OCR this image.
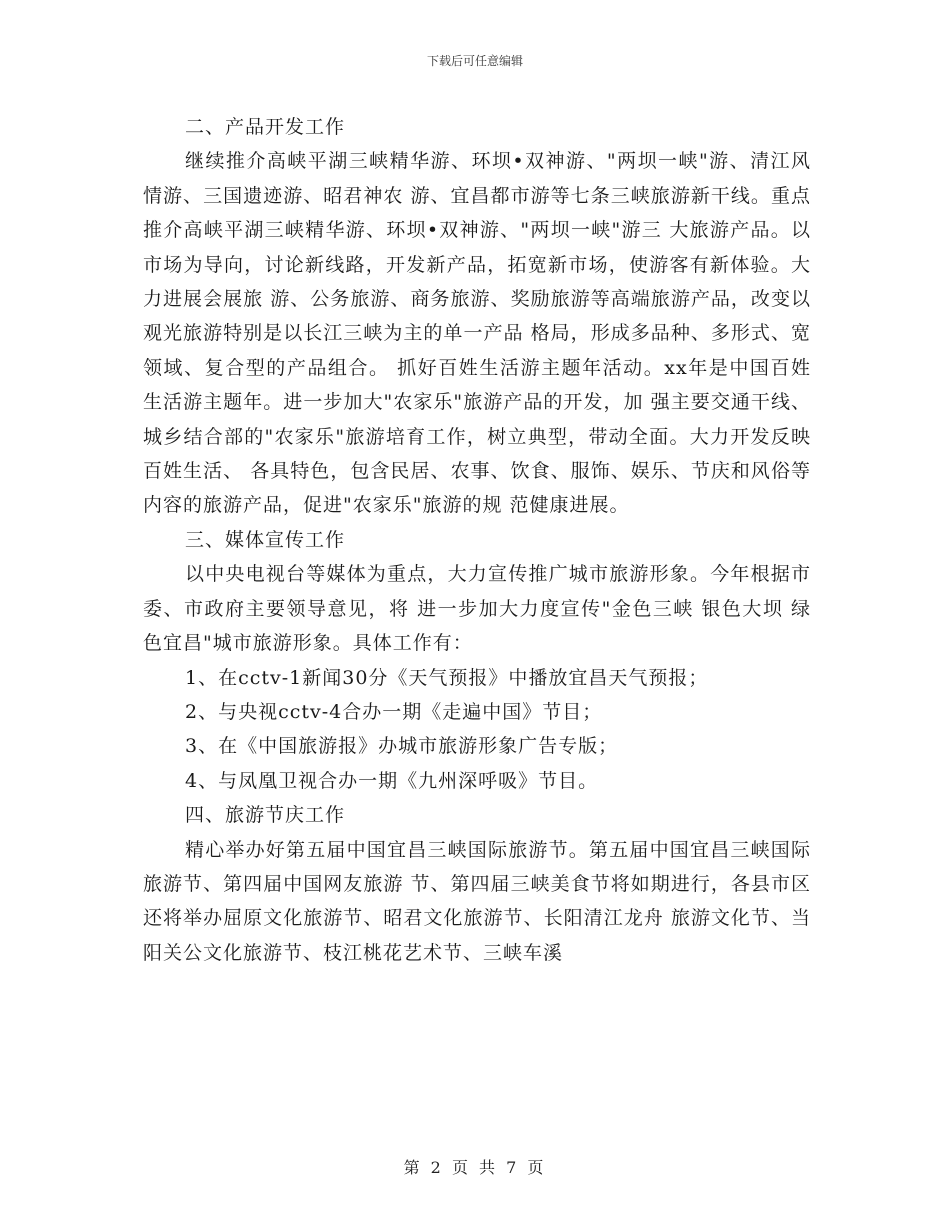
下载后可任意编辑

二、产品开发工作

继续推介高峡平湖三峡精华游、环坝•双神游、"两坝一峡"游、清江风情游、三国遗迹游、昭君神农 游、宜昌都市游等七条三峡旅游新干线。重点推介高峡平湖三峡精华游、环坝•双神游、"两坝一峡"游三 大旅游产品。以市场为导向，讨论新线路，开发新产品，拓宽新市场，使游客有新体验。大力进展会展旅 游、公务旅游、商务旅游、奖励旅游等高端旅游产品，改变以观光旅游特别是以长江三峡为主的单一产品 格局，形成多品种、多形式、宽领域、复合型的产品组合。 抓好百姓生活游主题年活动。xx年是中国百姓生活游主题年。进一步加大"农家乐"旅游产品的开发，加 强主要交通干线、城乡结合部的"农家乐"旅游培育工作，树立典型，带动全面。大力开发反映百姓生活、 各具特色，包含民居、农事、饮食、服饰、娱乐、节庆和风俗等内容的旅游产品，促进"农家乐"旅游的规 范健康进展。

三、媒体宣传工作

以中央电视台等媒体为重点，大力宣传推广城市旅游形象。今年根据市委、市政府主要领导意见，将 进一步加大力度宣传"金色三峡 银色大坝 绿色宜昌"城市旅游形象。具体工作有：

1、在cctv-1新闻30分《天气预报》中播放宜昌天气预报；

2、与央视cctv-4合办一期《走遍中国》节目；

3、在《中国旅游报》办城市旅游形象广告专版；

4、与凤凰卫视合办一期《九州深呼吸》节目。

四、旅游节庆工作

精心举办好第五届中国宜昌三峡国际旅游节。第五届中国宜昌三峡国际旅游节、第四届中国网友旅游 节、第四届三峡美食节将如期进行，各县市区还将举办屈原文化旅游节、昭君文化旅游节、长阳清江龙舟 旅游文化节、当阳关公文化旅游节、枝江桃花艺术节、三峡车溪

第 2 页 共 7 页
